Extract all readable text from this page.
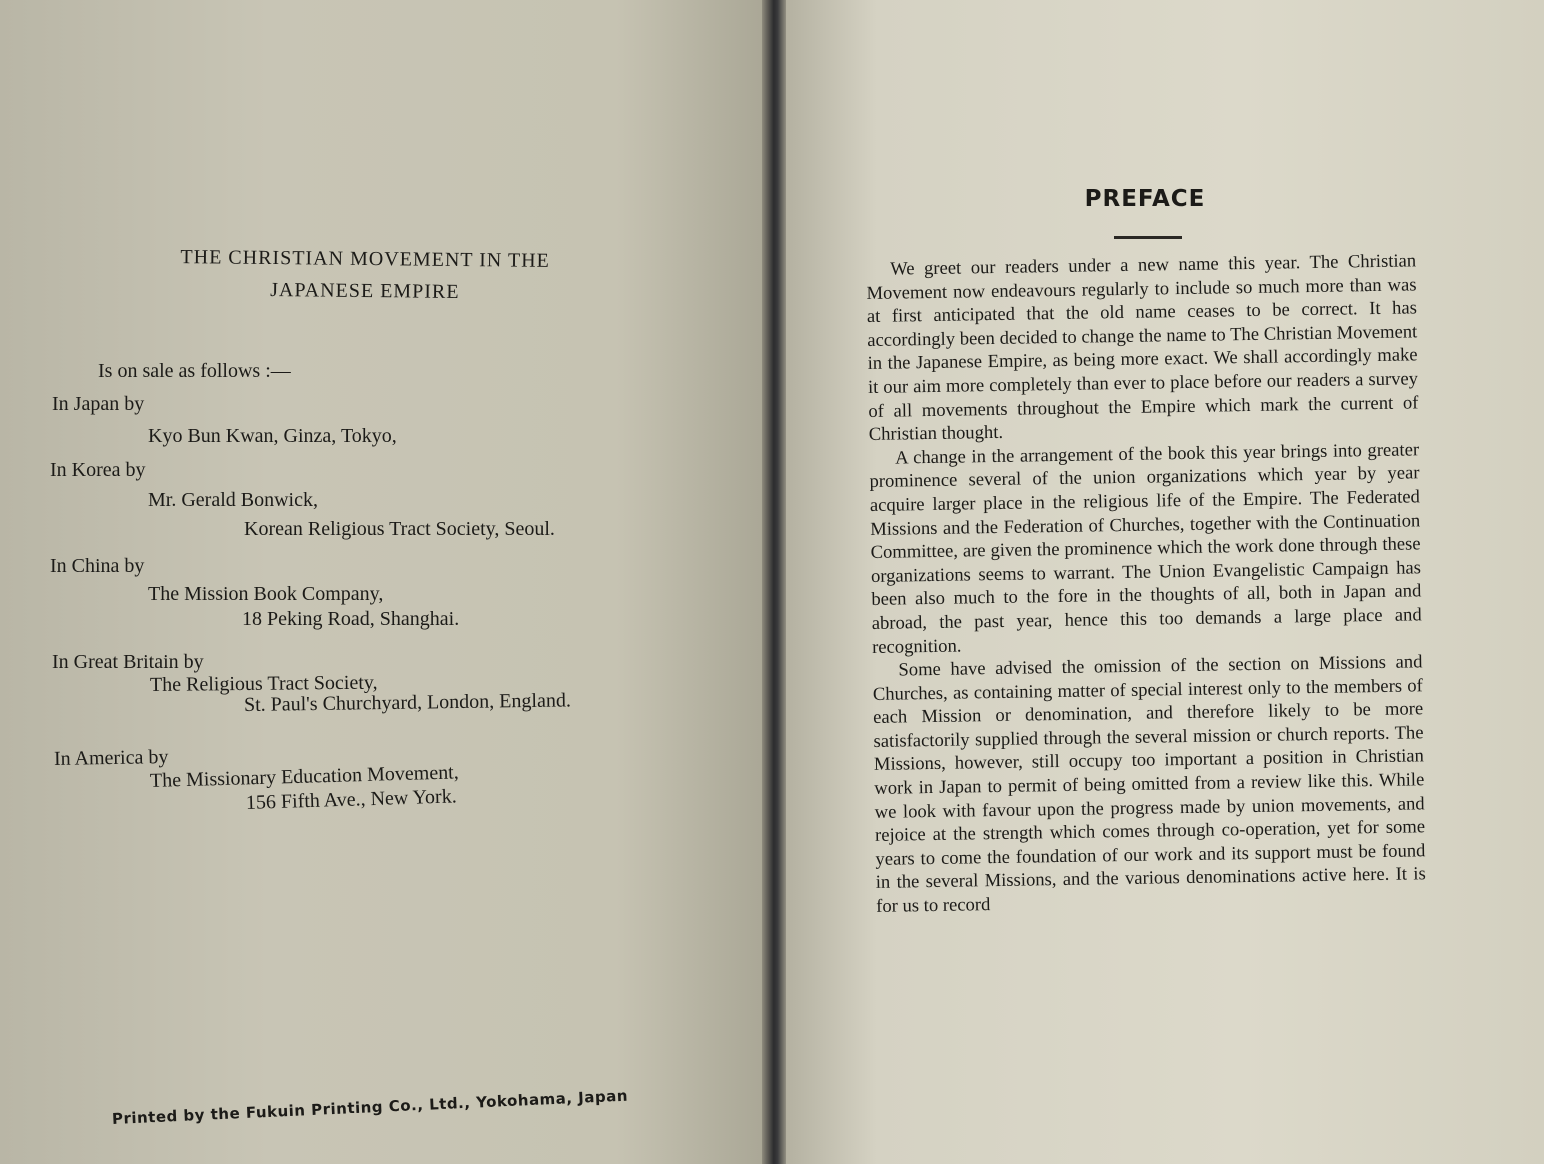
THE CHRISTIAN MOVEMENT IN THE
JAPANESE EMPIRE
Is on sale as follows :—
In Japan by
Kyo Bun Kwan, Ginza, Tokyo,
In Korea by
Mr. Gerald Bonwick,
Korean Religious Tract Society, Seoul.
In China by
The Mission Book Company,
18 Peking Road, Shanghai.
In Great Britain by
The Religious Tract Society,
St. Paul's Churchyard, London, England.
In America by
The Missionary Education Movement,
156 Fifth Ave., New York.
Printed by the Fukuin Printing Co., Ltd., Yokohama, Japan
PREFACE

We greet our readers under a new name this year. The Christian Movement now endeavours regularly to include so much more than was at first anticipated that the old name ceases to be correct. It has accordingly been decided to change the name to The Christian Movement in the Japanese Empire, as being more exact. We shall accordingly make it our aim more completely than ever to place before our readers a survey of all movements throughout the Empire which mark the current of Christian thought.

A change in the arrangement of the book this year brings into greater prominence several of the union organizations which year by year acquire larger place in the religious life of the Empire. The Federated Missions and the Federation of Churches, together with the Continuation Committee, are given the prominence which the work done through these organizations seems to warrant. The Union Evangelistic Campaign has been also much to the fore in the thoughts of all, both in Japan and abroad, the past year, hence this too demands a large place and recognition.

Some have advised the omission of the section on Missions and Churches, as containing matter of special interest only to the members of each Mission or denomination, and therefore likely to be more satisfactorily supplied through the several mission or church reports. The Missions, however, still occupy too important a position in Christian work in Japan to permit of being omitted from a review like this. While we look with favour upon the progress made by union movements, and rejoice at the strength which comes through co-operation, yet for some years to come the foundation of our work and its support must be found in the several Missions, and the various denominations active here. It is for us to record
